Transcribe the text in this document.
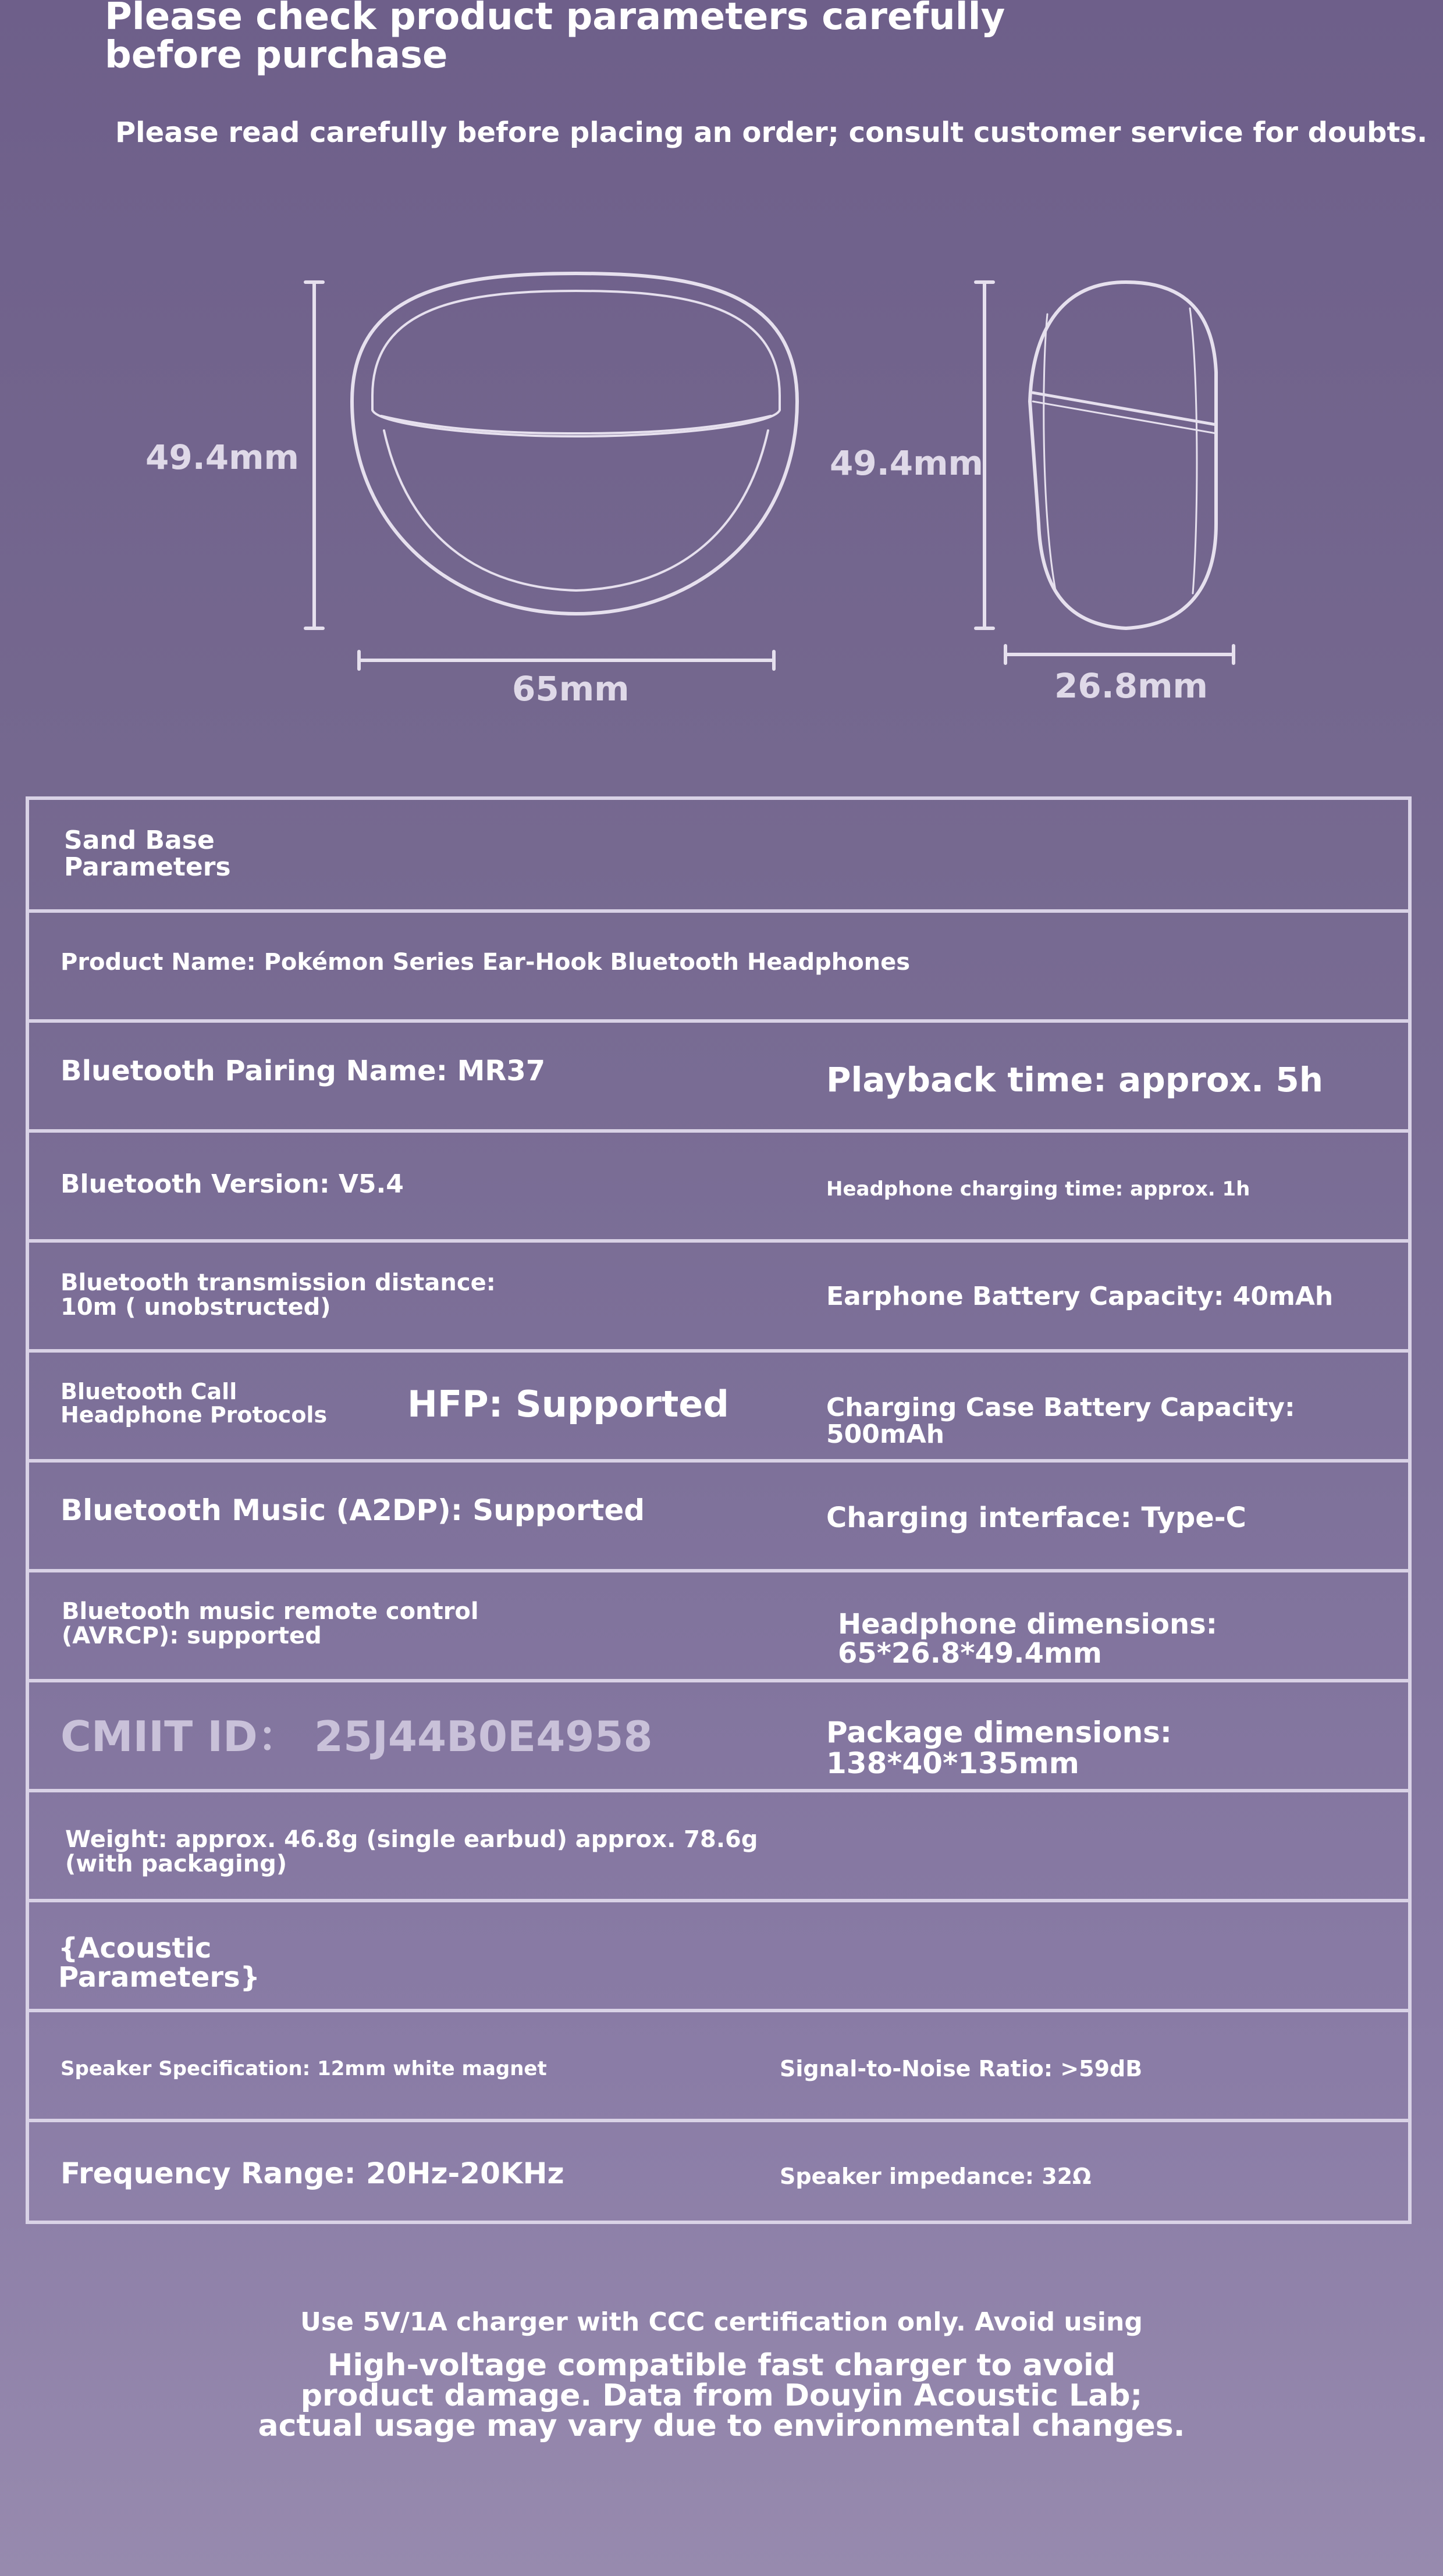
Please check product parameters carefully before purchase
Please read carefully before placing an order; consult customer service for doubts.
49.4mm
65mm
49.4mm
26.8mm
Sand Base Parameters
Product Name: Pokémon Series Ear-Hook Bluetooth Headphones
Bluetooth Pairing Name: MR37	Playback time: approx. 5h
Bluetooth Version: V5.4	Headphone charging time: approx. 1h
Bluetooth transmission distance: 10m ( unobstructed)	Earphone Battery Capacity: 40mAh
Bluetooth Call Headphone Protocols	HFP: Supported	Charging Case Battery Capacity: 500mAh
Bluetooth Music (A2DP): Supported	Charging interface: Type-C
Bluetooth music remote control (AVRCP): supported	Headphone dimensions: 65*26.8*49.4mm
CMIIT ID： 25J44B0E4958	Package dimensions: 138*40*135mm
Weight: approx. 46.8g (single earbud) approx. 78.6g (with packaging)
{Acoustic Parameters}
Speaker Specification: 12mm white magnet	Signal-to-Noise Ratio: >59dB
Frequency Range: 20Hz-20KHz	Speaker impedance: 32Ω
Use 5V/1A charger with CCC certification only. Avoid using
High-voltage compatible fast charger to avoid product damage. Data from Douyin Acoustic Lab; actual usage may vary due to environmental changes.
